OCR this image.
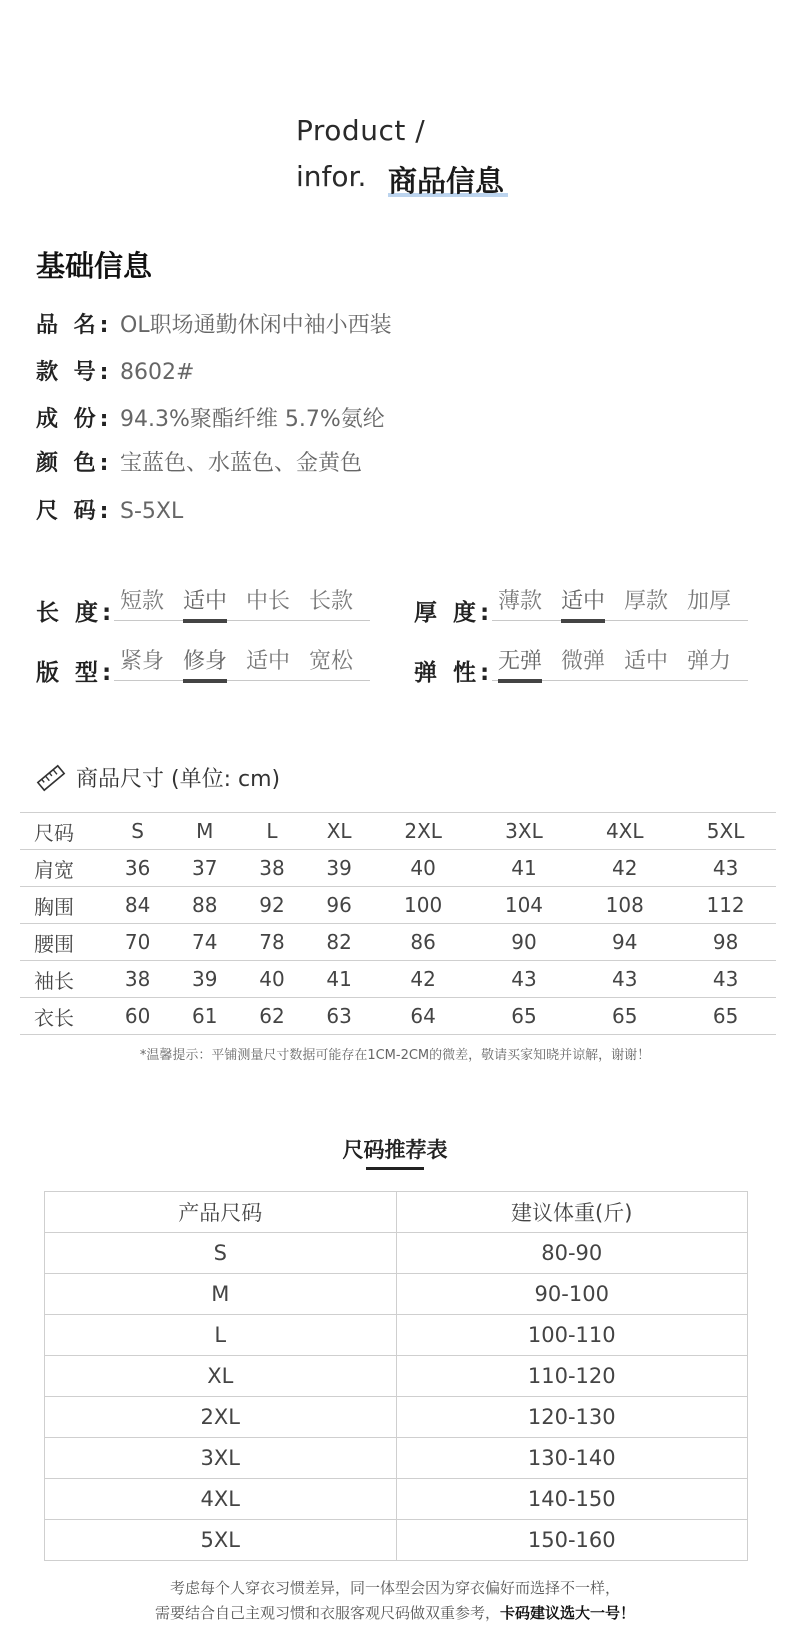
Product /
infor. 商品信息
基础信息
品 名: OL职场通勤休闲中袖小西装
款 号: 8602#
成 份: 94.3%聚酯纤维 5.7%氨纶
颜 色: 宝蓝色、水蓝色、金黄色
尺 码: S-5XL
长 度: 短款 适中 中长 长款	厚 度: 薄款 适中 厚款 加厚
版 型: 紧身 修身 适中 宽松	弹 性: 无弹 微弹 适中 弹力
商品尺寸 (单位: cm)
尺码	S	M	L	XL	2XL	3XL	4XL	5XL
肩宽	36	37	38	39	40	41	42	43
胸围	84	88	92	96	100	104	108	112
腰围	70	74	78	82	86	90	94	98
袖长	38	39	40	41	42	43	43	43
衣长	60	61	62	63	64	65	65	65
*温馨提示：平铺测量尺寸数据可能存在1CM-2CM的微差，敬请买家知晓并谅解，谢谢！
尺码推荐表
产品尺码	建议体重(斤)
S	80-90
M	90-100
L	100-110
XL	110-120
2XL	120-130
3XL	130-140
4XL	140-150
5XL	150-160
考虑每个人穿衣习惯差异，同一体型会因为穿衣偏好而选择不一样，
需要结合自己主观习惯和衣服客观尺码做双重参考，卡码建议选大一号！
